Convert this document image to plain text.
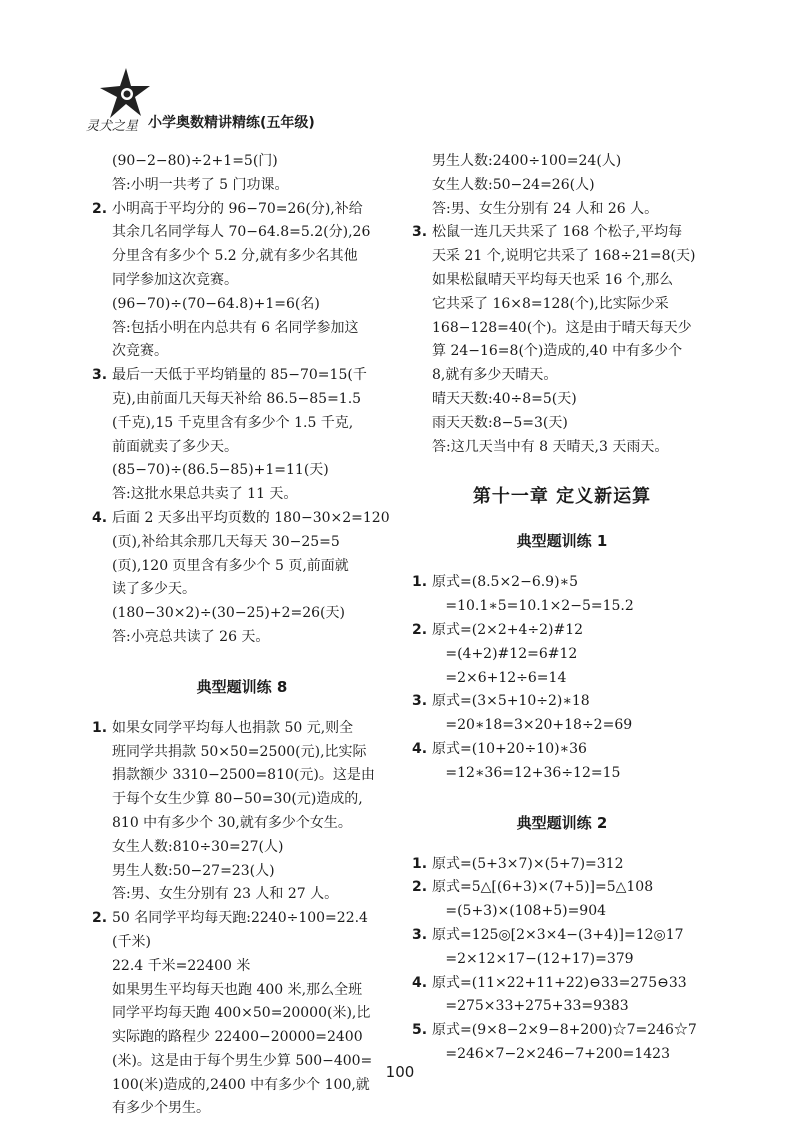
灵犬之星 小学奥数精讲精练(五年级)
(90−2−80)÷2+1=5(门)
答:小明一共考了 5 门功课。
2. 小明高于平均分的 96−70=26(分),补给
其余几名同学每人 70−64.8=5.2(分),26
分里含有多少个 5.2 分,就有多少名其他
同学参加这次竞赛。
(96−70)÷(70−64.8)+1=6(名)
答:包括小明在内总共有 6 名同学参加这
次竞赛。
3. 最后一天低于平均销量的 85−70=15(千
克),由前面几天每天补给 86.5−85=1.5
(千克),15 千克里含有多少个 1.5 千克,
前面就卖了多少天。
(85−70)÷(86.5−85)+1=11(天)
答:这批水果总共卖了 11 天。
4. 后面 2 天多出平均页数的 180−30×2=120
(页),补给其余那几天每天 30−25=5
(页),120 页里含有多少个 5 页,前面就
读了多少天。
(180−30×2)÷(30−25)+2=26(天)
答:小亮总共读了 26 天。
典型题训练 8
1. 如果女同学平均每人也捐款 50 元,则全
班同学共捐款 50×50=2500(元),比实际
捐款额少 3310−2500=810(元)。这是由
于每个女生少算 80−50=30(元)造成的,
810 中有多少个 30,就有多少个女生。
女生人数:810÷30=27(人)
男生人数:50−27=23(人)
答:男、女生分别有 23 人和 27 人。
2. 50 名同学平均每天跑:2240÷100=22.4
(千米)
22.4 千米=22400 米
如果男生平均每天也跑 400 米,那么全班
同学平均每天跑 400×50=20000(米),比
实际跑的路程少 22400−20000=2400
(米)。这是由于每个男生少算 500−400=
100(米)造成的,2400 中有多少个 100,就
有多少个男生。
男生人数:2400÷100=24(人)
女生人数:50−24=26(人)
答:男、女生分别有 24 人和 26 人。
3. 松鼠一连几天共采了 168 个松子,平均每
天采 21 个,说明它共采了 168÷21=8(天)
如果松鼠晴天平均每天也采 16 个,那么
它共采了 16×8=128(个),比实际少采
168−128=40(个)。这是由于晴天每天少
算 24−16=8(个)造成的,40 中有多少个
8,就有多少天晴天。
晴天天数:40÷8=5(天)
雨天天数:8−5=3(天)
答:这几天当中有 8 天晴天,3 天雨天。
第十一章 定义新运算
典型题训练 1
1. 原式=(8.5×2−6.9)∗5
=10.1∗5=10.1×2−5=15.2
2. 原式=(2×2+4÷2)#12
=(4+2)#12=6#12
=2×6+12÷6=14
3. 原式=(3×5+10÷2)∗18
=20∗18=3×20+18÷2=69
4. 原式=(10+20÷10)∗36
=12∗36=12+36÷12=15
典型题训练 2
1. 原式=(5+3×7)×(5+7)=312
2. 原式=5△[(6+3)×(7+5)]=5△108
=(5+3)×(108+5)=904
3. 原式=125◎[2×3×4−(3+4)]=12◎17
=2×12×17−(12+17)=379
4. 原式=(11×22+11+22)⊖33=275⊖33
=275×33+275+33=9383
5. 原式=(9×8−2×9−8+200)☆7=246☆7
=246×7−2×246−7+200=1423
100
